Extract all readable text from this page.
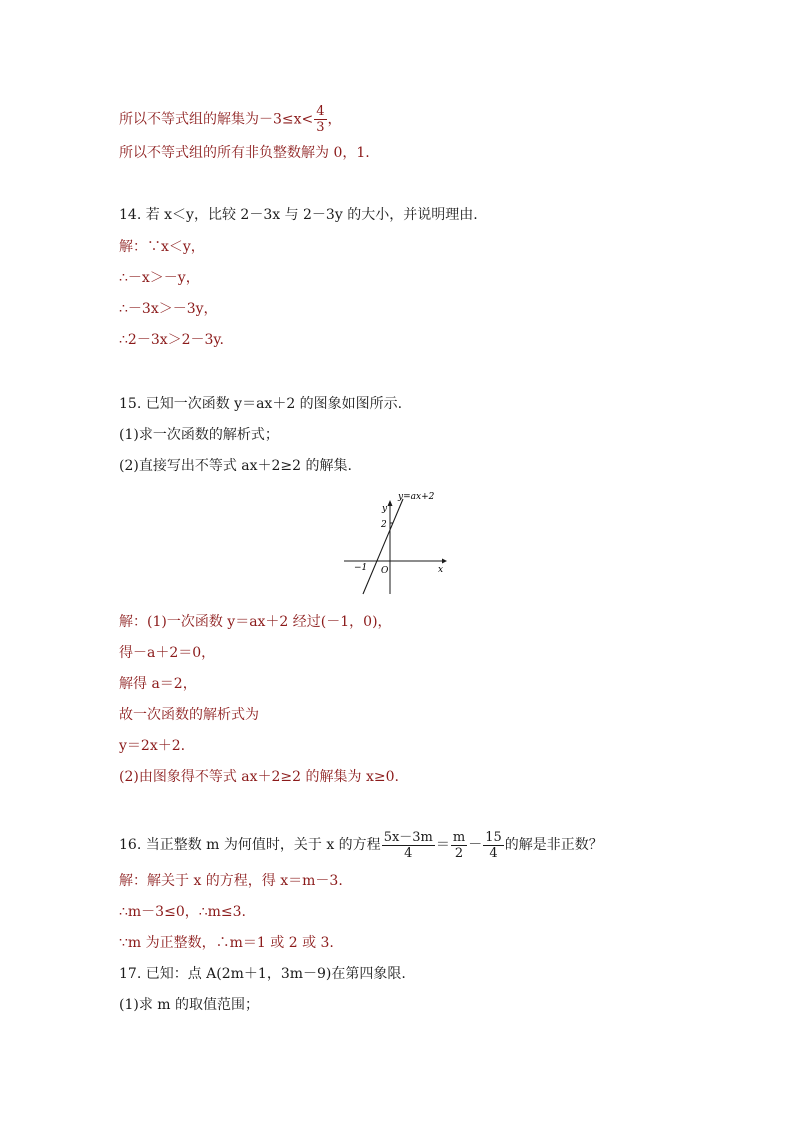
所以不等式组的解集为$-3\le x< \frac{4}{3}$ ，
所以不等式组的所有非负整数解为 0，1.
14. 若 x＜y，比较 2－3x 与 2－3y 的大小，并说明理由.
解：∵x＜y，
∴－x＞－y，
∴－3x＞－3y，
∴2－3x＞2－3y.
15. 已知一次函数 y＝ax＋2 的图象如图所示.
(1)求一次函数的解析式；
(2)直接写出不等式 ax＋2≥2 的解集.
y=ax+2
y
2
−1 O	x
解：(1)一次函数 y＝ax＋2 经过(－1，0)，
得－a＋2＝0，
解得 a＝2，
故一次函数的解析式为
y＝2x＋2.
(2)由图象得不等式 ax＋2≥2 的解集为 x≥0.
16. 当正整数 m 为何值时，关于 x 的方程 $\frac{5x-3m}{4} = \frac{m}{2} - \frac{15}{4}$ 的解是非正数？
解：解关于 x 的方程，得 x＝m－3.
∴m－3≤0，∴m≤3.
∵m 为正整数，∴m＝1 或 2 或 3.
17. 已知：点 A(2m＋1，3m－9)在第四象限.
(1)求 m 的取值范围；
